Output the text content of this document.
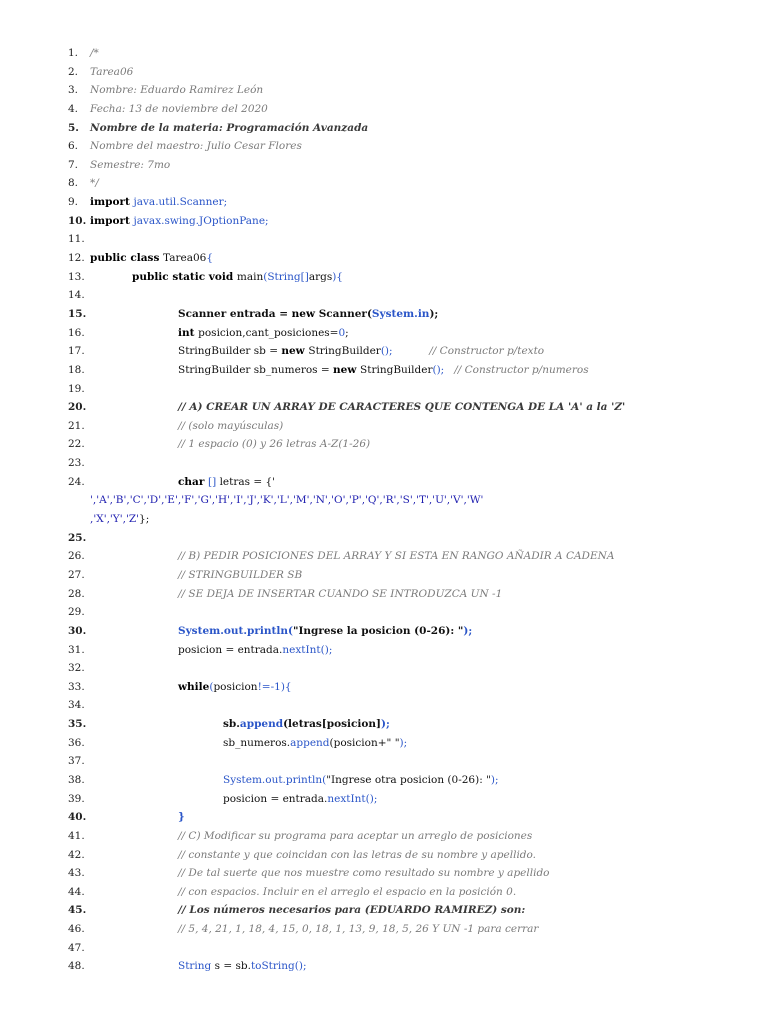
1.	/*
2.	Tarea06
3.	Nombre: Eduardo Ramirez León
4.	Fecha: 13 de noviembre del 2020
5.	Nombre de la materia: Programación Avanzada
6.	Nombre del maestro: Julio Cesar Flores
7.	Semestre: 7mo
8.	*/
9.	import java.util.Scanner;
10. import javax.swing.JOptionPane;
11.
12. public class Tarea06{
13.	public static void main(String[]args){
14.
15.	Scanner entrada = new Scanner(System.in);
16.	int posicion,cant_posiciones=0;
17.	StringBuilder sb = new StringBuilder();	// Constructor p/texto
18.	StringBuilder sb_numeros = new StringBuilder(); // Constructor p/numeros
19.
20.	// A) CREAR UN ARRAY DE CARACTERES QUE CONTENGA DE LA 'A' a la 'Z'
21.	// (solo mayúsculas)
22.	// 1 espacio (0) y 26 letras A-Z(1-26)
23.
24.	char [] letras = {'
','A','B','C','D','E','F','G','H','I','J','K','L','M','N','O','P','Q','R','S','T','U','V','W'
,'X','Y','Z'};
25.
26.	// B) PEDIR POSICIONES DEL ARRAY Y SI ESTA EN RANGO AÑADIR A CADENA
27.	// STRINGBUILDER SB
28.	// SE DEJA DE INSERTAR CUANDO SE INTRODUZCA UN -1
29.
30.	System.out.println("Ingrese la posicion (0-26): ");
31.	posicion = entrada.nextInt();
32.
33.	while(posicion!=-1){
34.
35.	sb.append(letras[posicion]);
36.	sb_numeros.append(posicion+" ");
37.
38.	System.out.println("Ingrese otra posicion (0-26): ");
39.	posicion = entrada.nextInt();
40.	}
41.	// C) Modificar su programa para aceptar un arreglo de posiciones
42.	// constante y que coincidan con las letras de su nombre y apellido.
43.	// De tal suerte que nos muestre como resultado su nombre y apellido
44.	// con espacios. Incluir en el arreglo el espacio en la posición 0.
45.	// Los números necesarios para (EDUARDO RAMIREZ) son:
46.	// 5, 4, 21, 1, 18, 4, 15, 0, 18, 1, 13, 9, 18, 5, 26 Y UN -1 para cerrar
47.
48.	String s = sb.toString();
